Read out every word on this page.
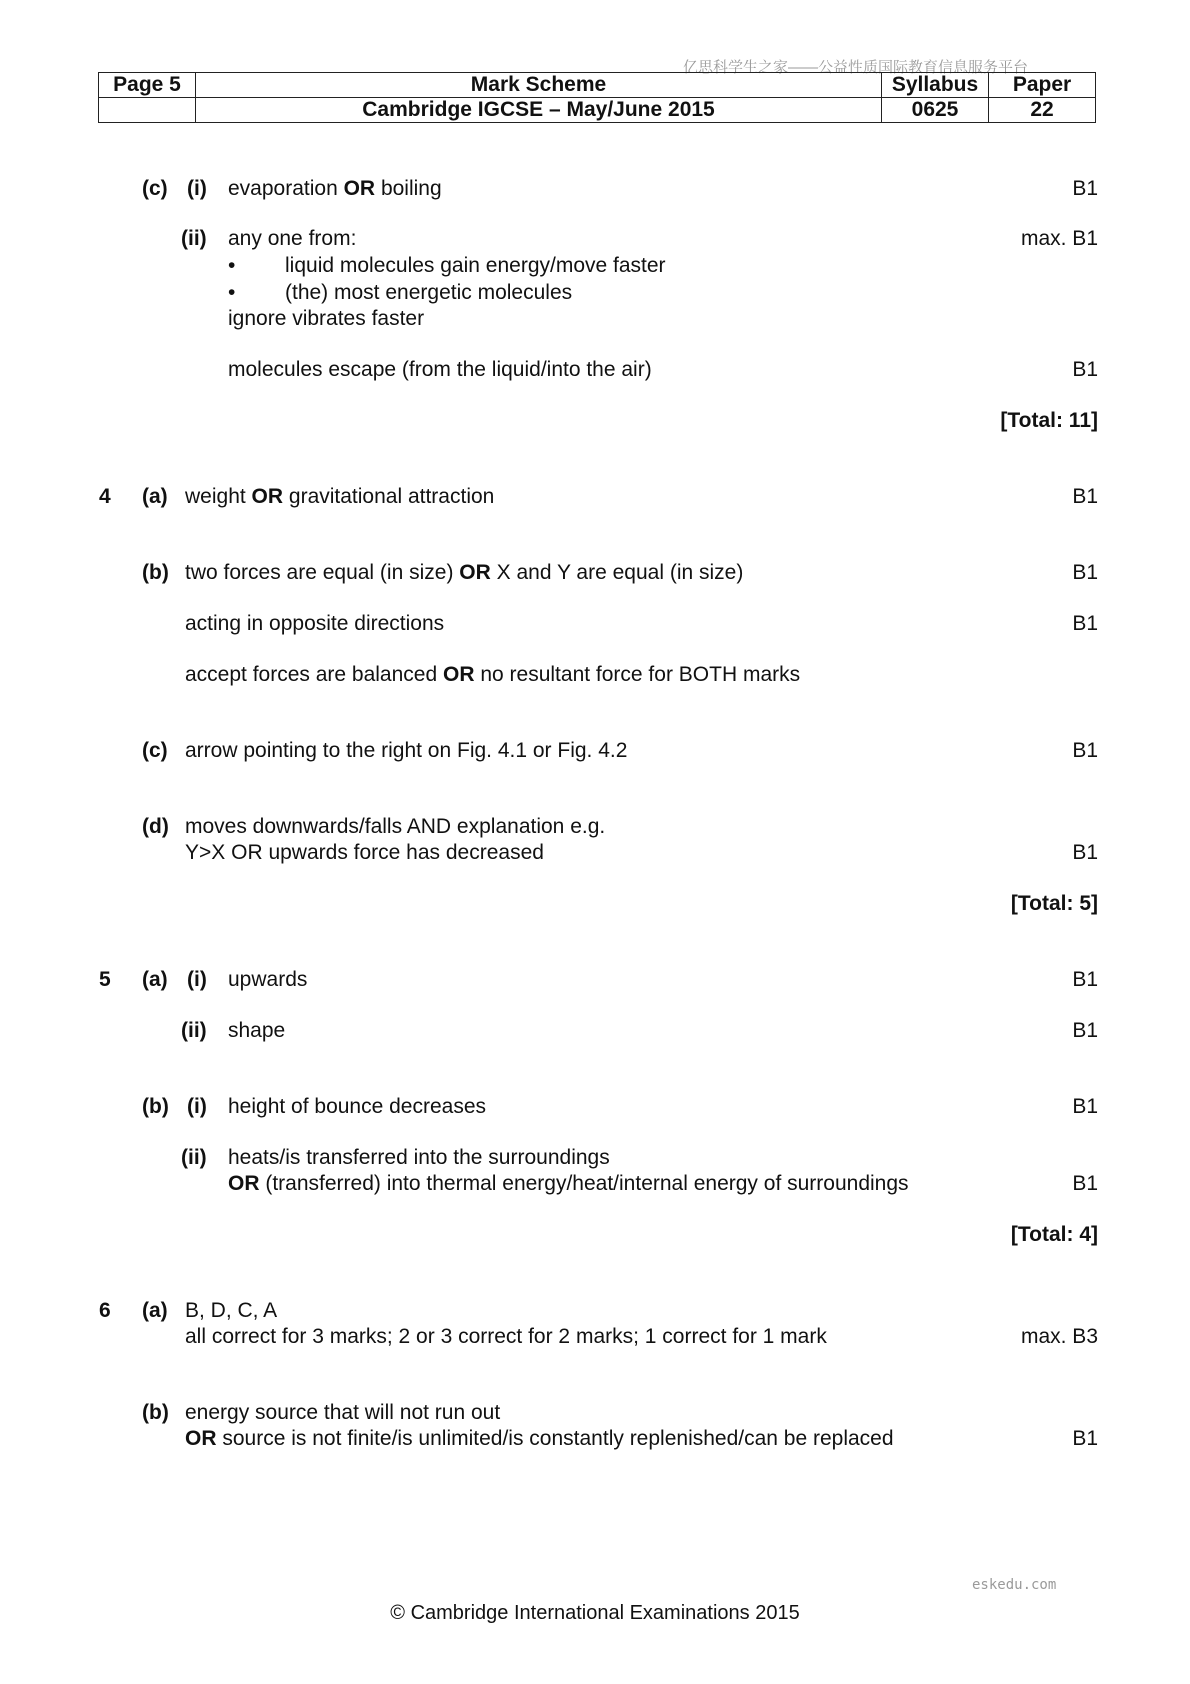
亿思科学生之家——公益性质国际教育信息服务平台
Page 5	Mark Scheme	Syllabus	Paper
	Cambridge IGCSE – May/June 2015	0625	22
(c) (i) evaporation OR boiling	B1
(ii) any one from:	max. B1
• liquid molecules gain energy/move faster
• (the) most energetic molecules
ignore vibrates faster
molecules escape (from the liquid/into the air)	B1
[Total: 11]
4 (a) weight OR gravitational attraction	B1
(b) two forces are equal (in size) OR X and Y are equal (in size)	B1
acting in opposite directions	B1
accept forces are balanced OR no resultant force for BOTH marks
(c) arrow pointing to the right on Fig. 4.1 or Fig. 4.2	B1
(d) moves downwards/falls AND explanation e.g.
Y>X OR upwards force has decreased	B1
[Total: 5]
5 (a) (i) upwards	B1
(ii) shape	B1
(b) (i) height of bounce decreases	B1
(ii) heats/is transferred into the surroundings
OR (transferred) into thermal energy/heat/internal energy of surroundings	B1
[Total: 4]
6 (a) B, D, C, A
all correct for 3 marks; 2 or 3 correct for 2 marks; 1 correct for 1 mark	max. B3
(b) energy source that will not run out
OR source is not finite/is unlimited/is constantly replenished/can be replaced	B1
eskedu.com
© Cambridge International Examinations 2015
